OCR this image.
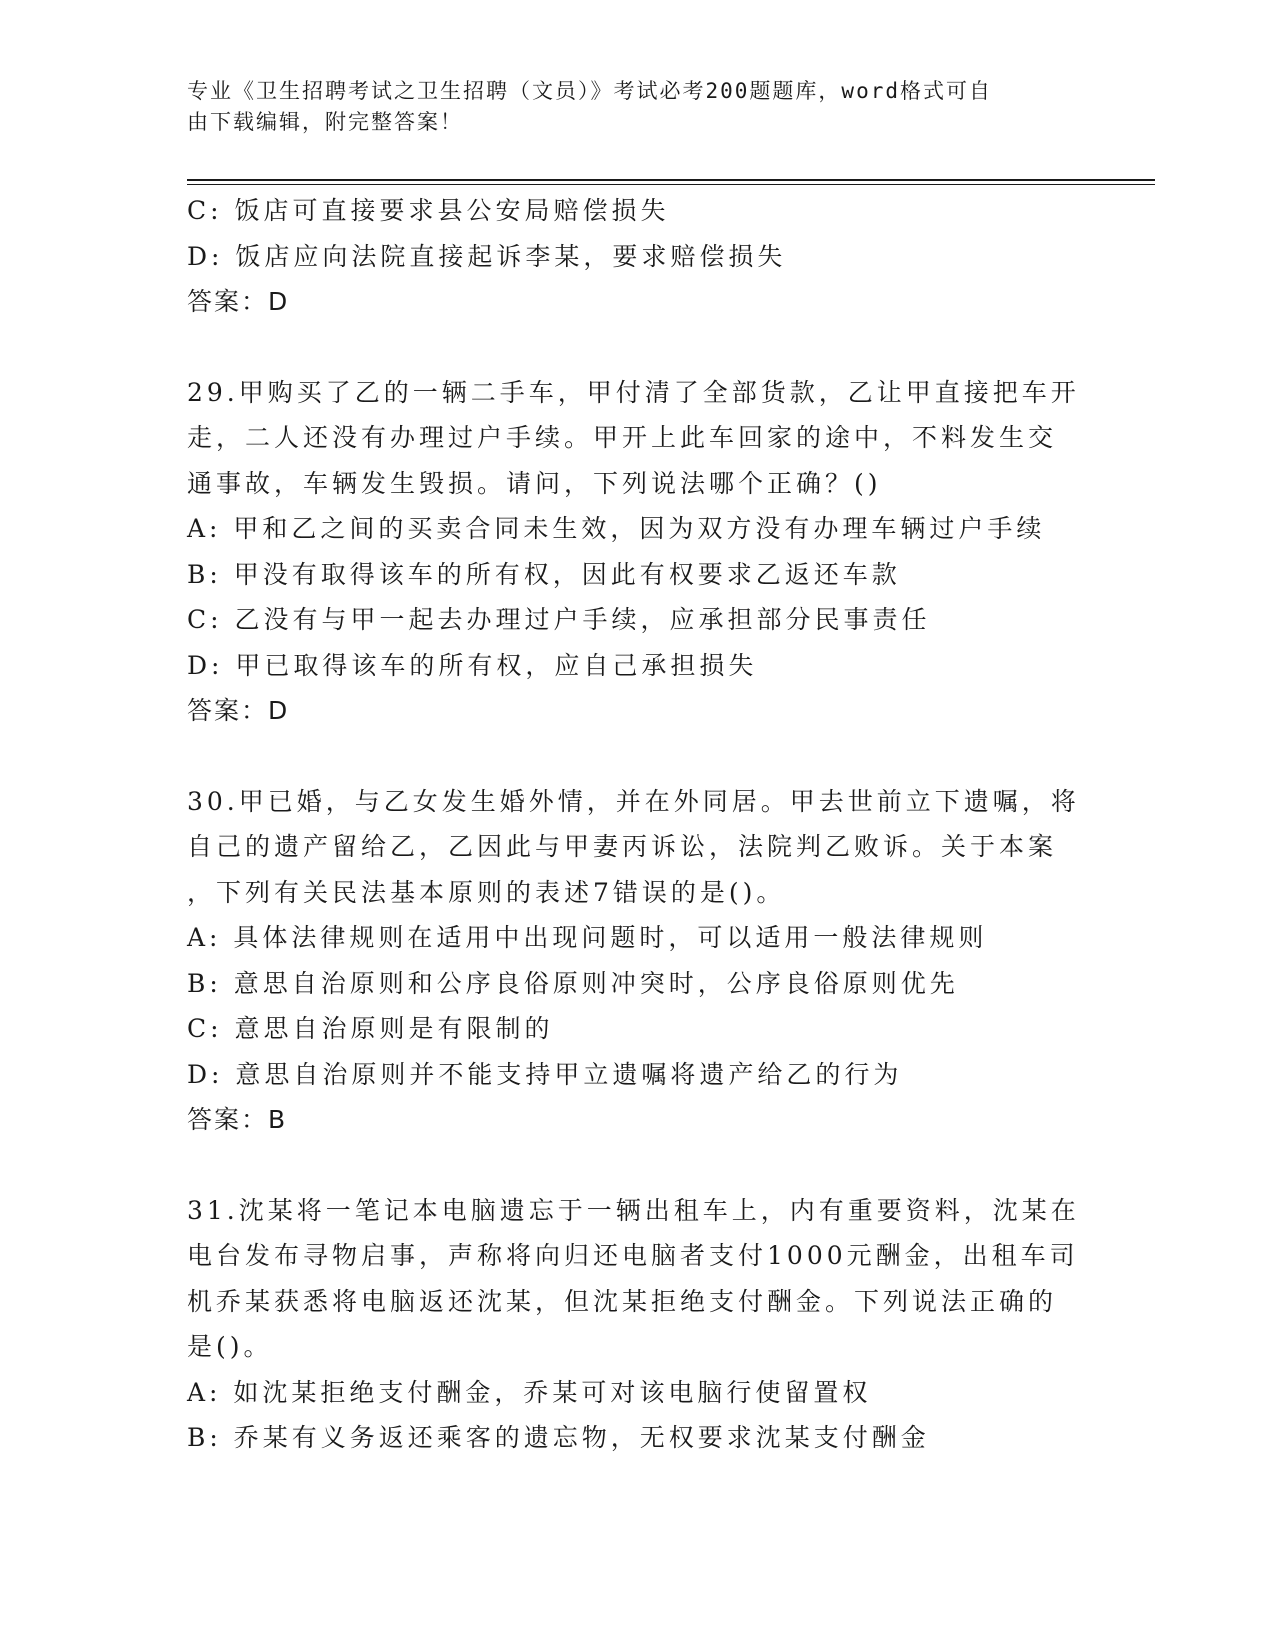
专业《卫生招聘考试之卫生招聘（文员）》考试必考200题题库，word格式可自
由下载编辑，附完整答案！
C: 饭店可直接要求县公安局赔偿损失
D: 饭店应向法院直接起诉李某，要求赔偿损失
答案：D
29.甲购买了乙的一辆二手车，甲付清了全部货款，乙让甲直接把车开
走，二人还没有办理过户手续。甲开上此车回家的途中，不料发生交
通事故，车辆发生毁损。请问，下列说法哪个正确？()
A: 甲和乙之间的买卖合同未生效，因为双方没有办理车辆过户手续
B: 甲没有取得该车的所有权，因此有权要求乙返还车款
C: 乙没有与甲一起去办理过户手续，应承担部分民事责任
D: 甲已取得该车的所有权，应自己承担损失
答案：D
30.甲已婚，与乙女发生婚外情，并在外同居。甲去世前立下遗嘱，将
自己的遗产留给乙，乙因此与甲妻丙诉讼，法院判乙败诉。关于本案
，下列有关民法基本原则的表述7错误的是()。
A: 具体法律规则在适用中出现问题时，可以适用一般法律规则
B: 意思自治原则和公序良俗原则冲突时，公序良俗原则优先
C: 意思自治原则是有限制的
D: 意思自治原则并不能支持甲立遗嘱将遗产给乙的行为
答案：B
31.沈某将一笔记本电脑遗忘于一辆出租车上，内有重要资料，沈某在
电台发布寻物启事，声称将向归还电脑者支付1000元酬金，出租车司
机乔某获悉将电脑返还沈某，但沈某拒绝支付酬金。下列说法正确的
是()。
A: 如沈某拒绝支付酬金，乔某可对该电脑行使留置权
B: 乔某有义务返还乘客的遗忘物，无权要求沈某支付酬金
